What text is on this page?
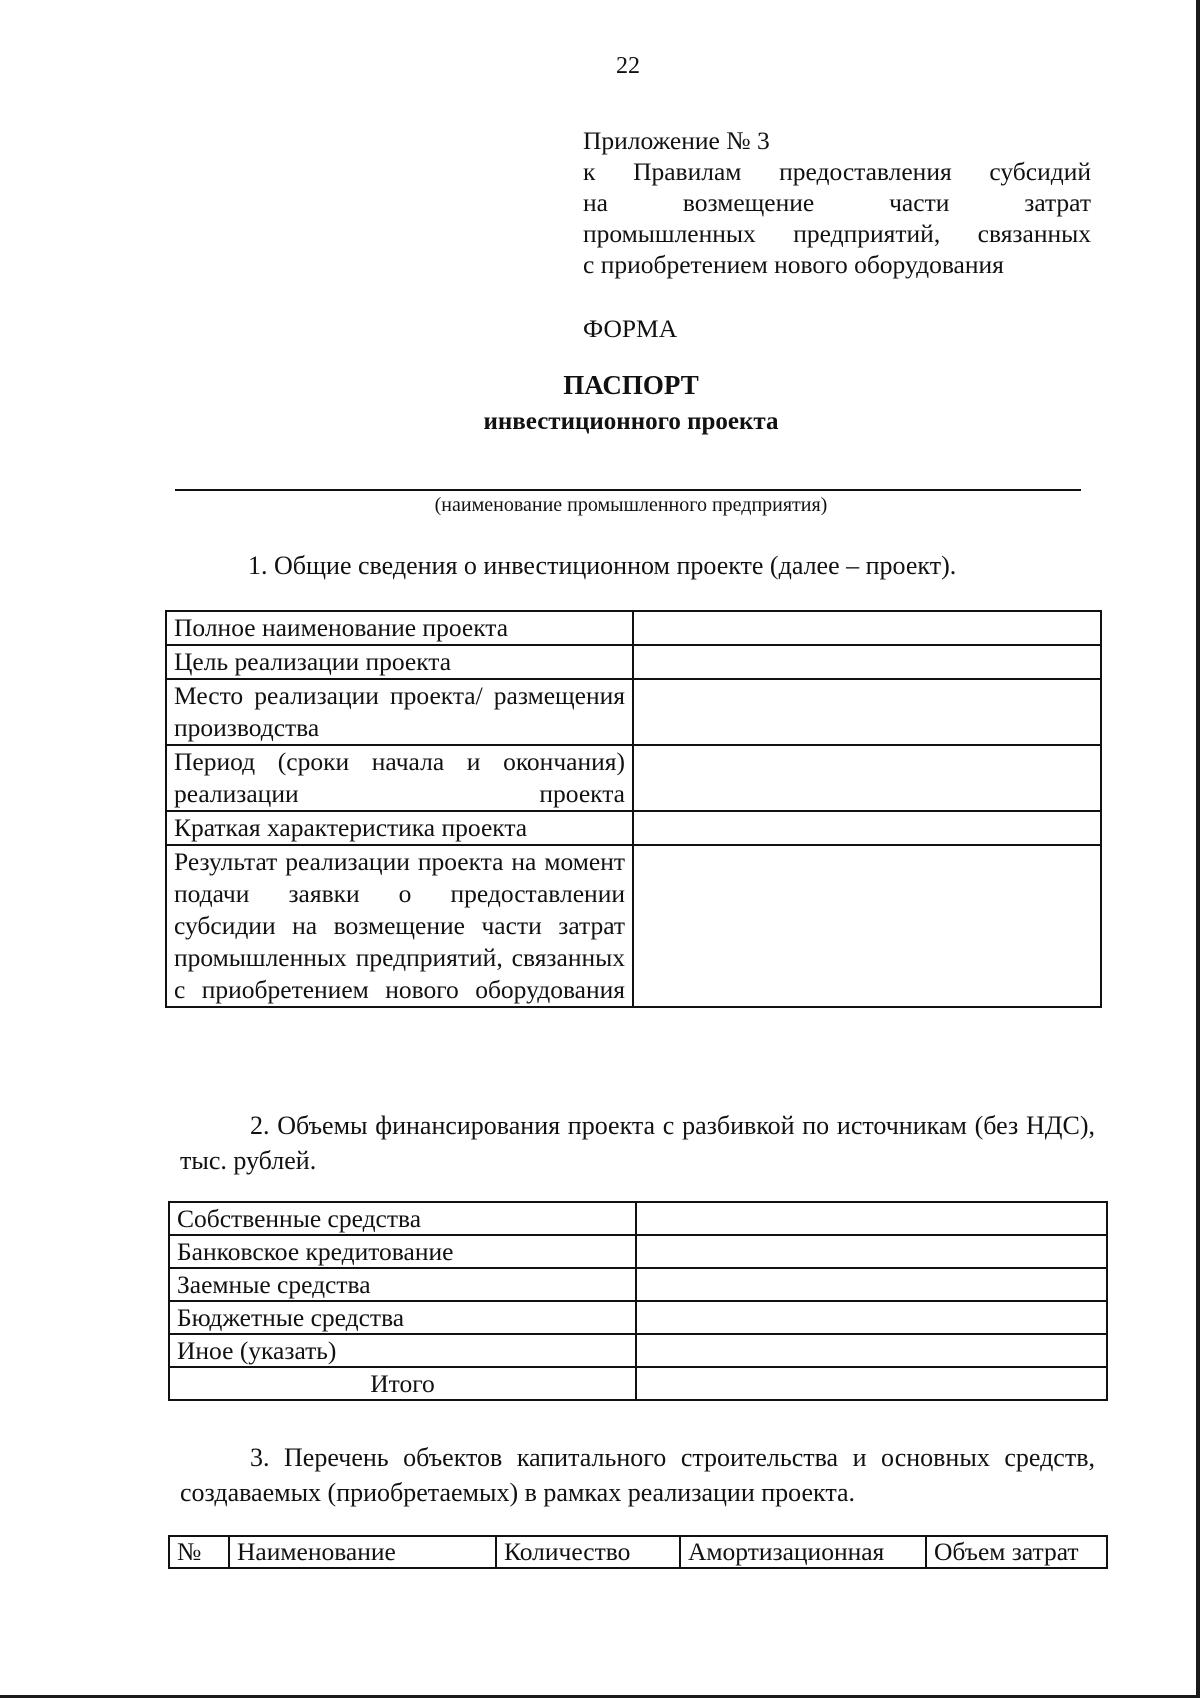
22
Приложение № 3
к Правилам предоставления субсидий
на возмещение части затрат
промышленных предприятий, связанных
с приобретением нового оборудования
ФОРМА
ПАСПОРТ
инвестиционного проекта
(наименование промышленного предприятия)
1. Общие сведения о инвестиционном проекте (далее – проект).
Полное наименование проекта	
Цель реализации проекта	
Место реализации проекта/ размещения производства	
Период (сроки начала и окончания) реализации проекта	
Краткая характеристика проекта	
Результат реализации проекта на момент подачи заявки о предоставлении субсидии на возмещение части затрат промышленных предприятий, связанных с приобретением нового оборудования	
2. Объемы финансирования проекта с разбивкой по источникам (без НДС), тыс. рублей.
Собственные средства	
Банковское кредитование	
Заемные средства	
Бюджетные средства	
Иное (указать)	
Итого	
3. Перечень объектов капитального строительства и основных средств, создаваемых (приобретаемых) в рамках реализации проекта.
№	Наименование	Количество	Амортизационная	Объем затрат
